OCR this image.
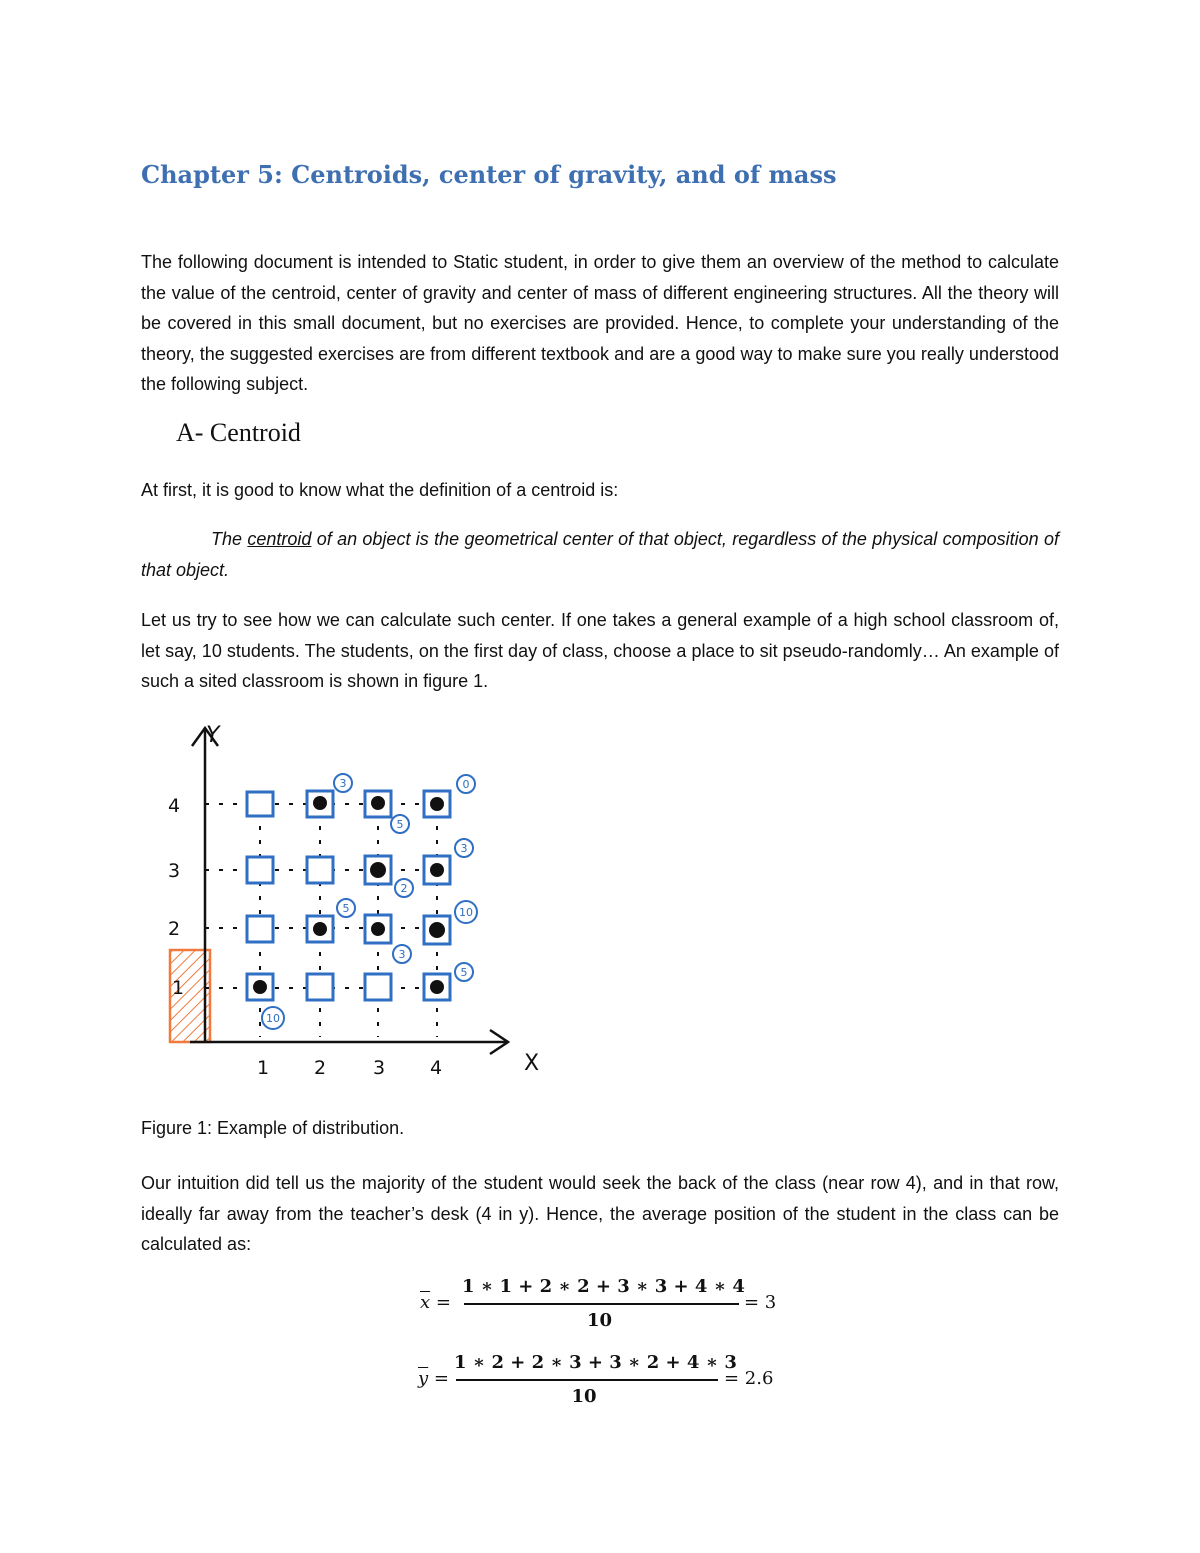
Chapter 5: Centroids, center of gravity, and of mass

The following document is intended to Static student, in order to give them an overview of the method to calculate the value of the centroid, center of gravity and center of mass of different engineering structures. All the theory will be covered in this small document, but no exercises are provided. Hence, to complete your understanding of the theory, the suggested exercises are from different textbook and are a good way to make sure you really understood the following subject.

A- Centroid

At first, it is good to know what the definition of a centroid is:

The centroid of an object is the geometrical center of that object, regardless of the physical composition of that object.

Let us try to see how we can calculate such center. If one takes a general example of a high school classroom of, let say, 10 students. The students, on the first day of class, choose a place to sit pseudo-randomly… An example of such a sited classroom is shown in figure 1.

Y
X
1 2 3 4
4
3
2
1
3	0
5
3
2
5	10
3
5
10

Figure 1: Example of distribution.

Our intuition did tell us the majority of the student would seek the back of the class (near row 4), and in that row, ideally far away from the teacher’s desk (4 in y). Hence, the average position of the student in the class can be calculated as:

$\overline{x}$ =
1 ∗ 1 + 2 ∗ 2 + 3 ∗ 3 + 4 ∗ 4
10
= 3
$\overline{y}$ =
1 ∗ 2 + 2 ∗ 3 + 3 ∗ 2 + 4 ∗ 3
10
= 2.6
